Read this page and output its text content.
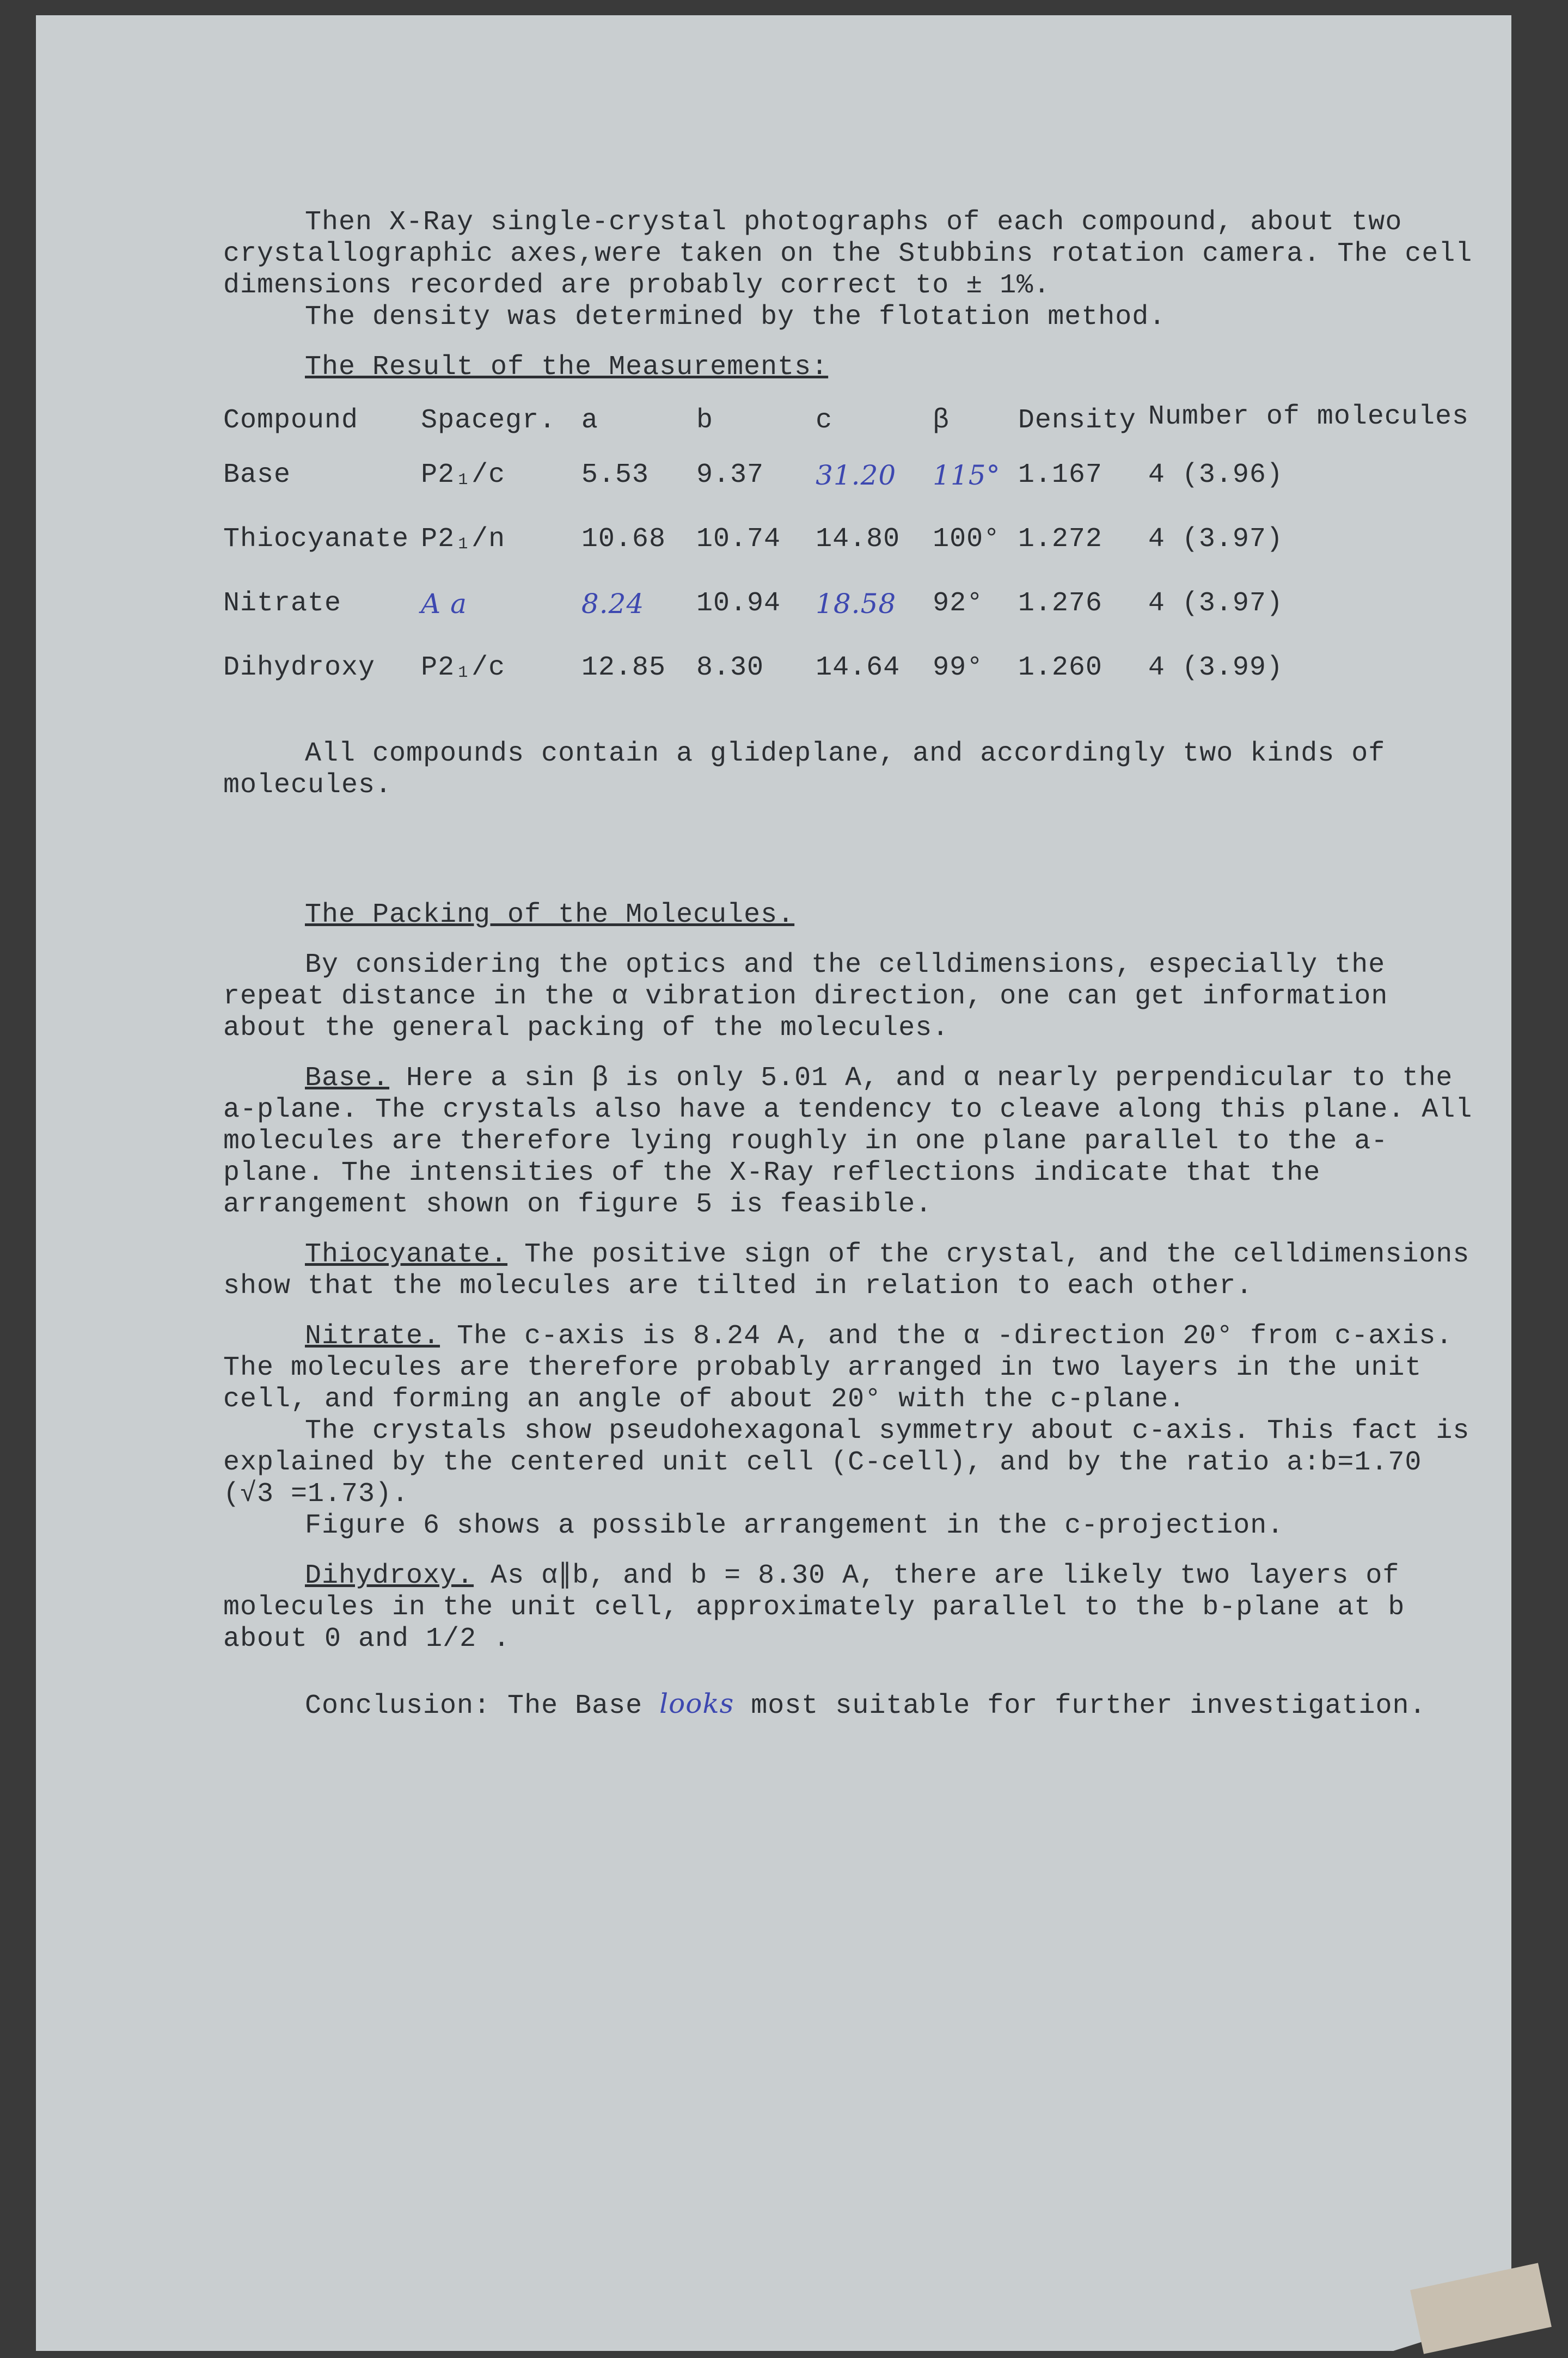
Then X-Ray single-crystal photographs of each compound, about two crystallographic axes,were taken on the Stubbins rotation camera. The cell dimensions recorded are probably correct to ± 1%.

The density was determined by the flotation method.

The Result of the Measurements:
Compound	Spacegr.	a	b	c	β	Density	Number of molecules
Base	P2₁/c	5.53	9.37	31.20	115°	1.167	4 (3.96)
Thiocyanate	P2₁/n	10.68	10.74	14.80	100°	1.272	4 (3.97)
Nitrate	A a	8.24	10.94	18.58	92°	1.276	4 (3.97)
Dihydroxy	P2₁/c	12.85	8.30	14.64	99°	1.260	4 (3.99)

All compounds contain a glideplane, and accordingly two kinds of molecules.

The Packing of the Molecules.

By considering the optics and the celldimensions, especially the repeat distance in the α vibration direction, one can get information about the general packing of the molecules.

Base. Here a sin β is only 5.01 A, and α nearly perpendicular to the a-plane. The crystals also have a tendency to cleave along this plane. All molecules are therefore lying roughly in one plane parallel to the a-plane. The intensities of the X-Ray reflections indicate that the arrangement shown on figure 5 is feasible.

Thiocyanate. The positive sign of the crystal, and the celldimensions show that the molecules are tilted in relation to each other.

Nitrate. The c-axis is 8.24 A, and the α -direction 20° from c-axis. The molecules are therefore probably arranged in two layers in the unit cell, and forming an angle of about 20° with the c-plane.

The crystals show pseudohexagonal symmetry about c-axis. This fact is explained by the centered unit cell (C-cell), and by the ratio a:b=1.70 (√3 =1.73).

Figure 6 shows a possible arrangement in the c-projection.

Dihydroxy. As α∥b, and b = 8.30 A, there are likely two layers of molecules in the unit cell, approximately parallel to the b-plane at b about 0 and 1/2 .

Conclusion: The Base looks most suitable for further investigation.
